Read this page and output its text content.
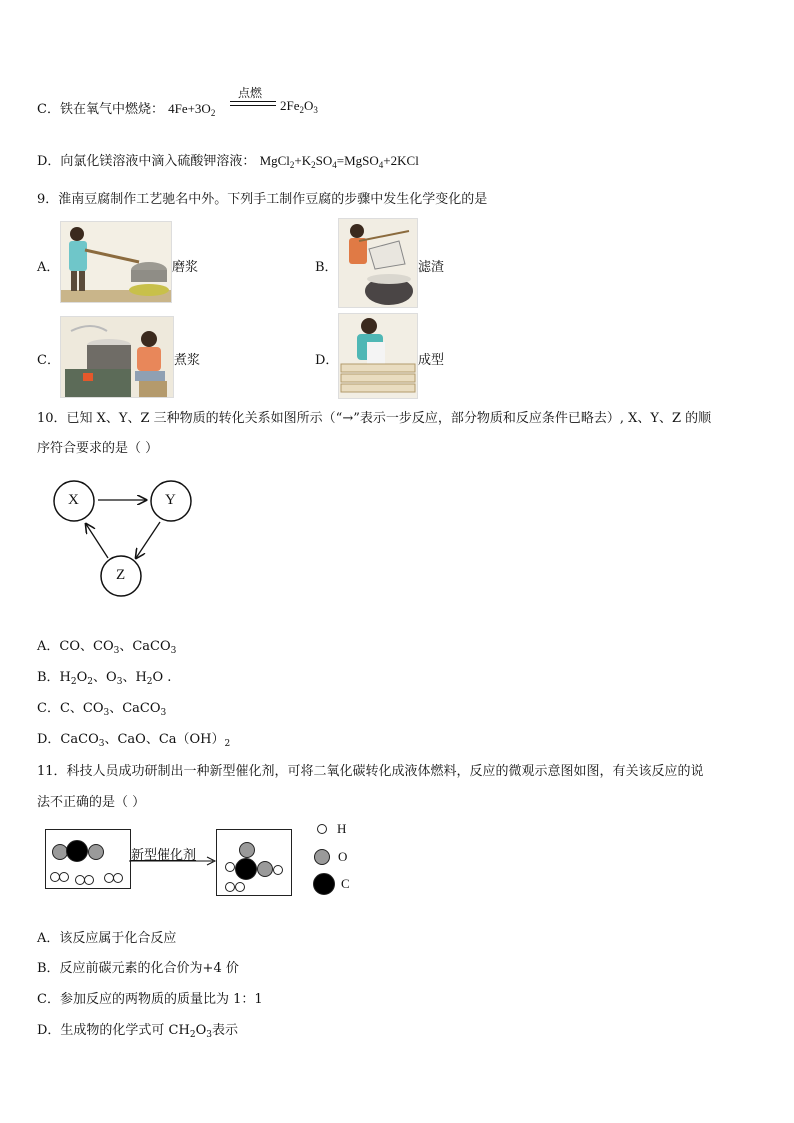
C．铁在氧气中燃烧： $4Fe+3O_2$
点燃
$2Fe_2O_3$
D．向氯化镁溶液中滴入硫酸钾溶液： $MgCl_2+K_2SO_4=MgSO_4+2KCl$
9．淮南豆腐制作工艺驰名中外。下列手工制作豆腐的步骤中发生化学变化的是
A．	磨浆	B．	滤渣
C．	煮浆	D．	成型
10．已知 X、Y、Z 三种物质的转化关系如图所示（“→”表示一步反应，部分物质和反应条件已略去）, X、Y、Z 的顺
序符合要求的是（ ）
X	Y
Z
A．CO、$CO_3$、CaCO$_3$
B．$H_2O_2$、$O_3$、$H_2O$ .
C．C、$CO_3$、CaCO$_3$
D．CaCO$_3$、CaO、$Ca(OH)_2$
11．科技人员成功研制出一种新型催化剂，可将二氧化碳转化成液体燃料，反应的微观示意图如图，有关该反应的说
法不正确的是（ ）
新型催化剂
H
O
C
A．该反应属于化合反应
B．反应前碳元素的化合价为+4 价
C．参加反应的两物质的质量比为 1：1
D．生成物的化学式可 $CH_2O_3$表示
